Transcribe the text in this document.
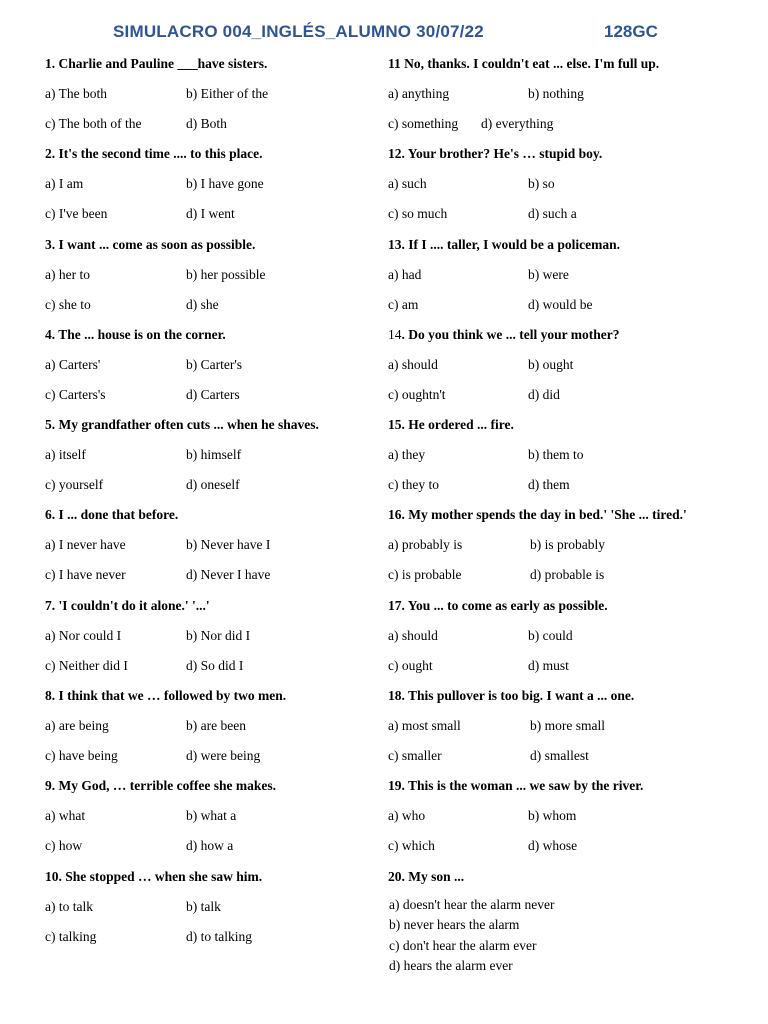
SIMULACRO 004_INGLÉS_ALUMNO 30/07/22	128GC
1. Charlie and Pauline ___have sisters.
a) The both	b) Either of the
c) The both of the	d) Both
2. It's the second time .... to this place.
a) I am	b) I have gone
c) I've been	d) I went
3. I want ... come as soon as possible.
a) her to	b) her possible
c) she to	d) she
4. The ... house is on the corner.
a) Carters'	b) Carter's
c) Carters's	d) Carters
5. My grandfather often cuts ... when he shaves.
a) itself	b) himself
c) yourself	d) oneself
6. I ... done that before.
a) I never have	b) Never have I
c) I have never	d) Never I have
7. 'I couldn't do it alone.' '...'
a) Nor could I	b) Nor did I
c) Neither did I	d) So did I
8. I think that we … followed by two men.
a) are being	b) are been
c) have being	d) were being
9. My God, … terrible coffee she makes.
a) what	b) what a
c) how	d) how a
10. She stopped … when she saw him.
a) to talk	b) talk
c) talking	d) to talking
11 No, thanks. I couldn't eat ... else. I'm full up.
a) anything	b) nothing
c) something d) everything
12. Your brother? He's … stupid boy.
a) such	b) so
c) so much	d) such a
13. If I .... taller, I would be a policeman.
a) had	b) were
c) am	d) would be
14. Do you think we ... tell your mother?
a) should	b) ought
c) oughtn't	d) did
15. He ordered ... fire.
a) they	b) them to
c) they to	d) them
16. My mother spends the day in bed.' 'She ... tired.'
a) probably is	b) is probably
c) is probable	d) probable is
17. You ... to come as early as possible.
a) should	b) could
c) ought	d) must
18. This pullover is too big. I want a ... one.
a) most small	b) more small
c) smaller	d) smallest
19. This is the woman ... we saw by the river.
a) who	b) whom
c) which	d) whose
20. My son ...
a) doesn't hear the alarm never
b) never hears the alarm
c) don't hear the alarm ever
d) hears the alarm ever
